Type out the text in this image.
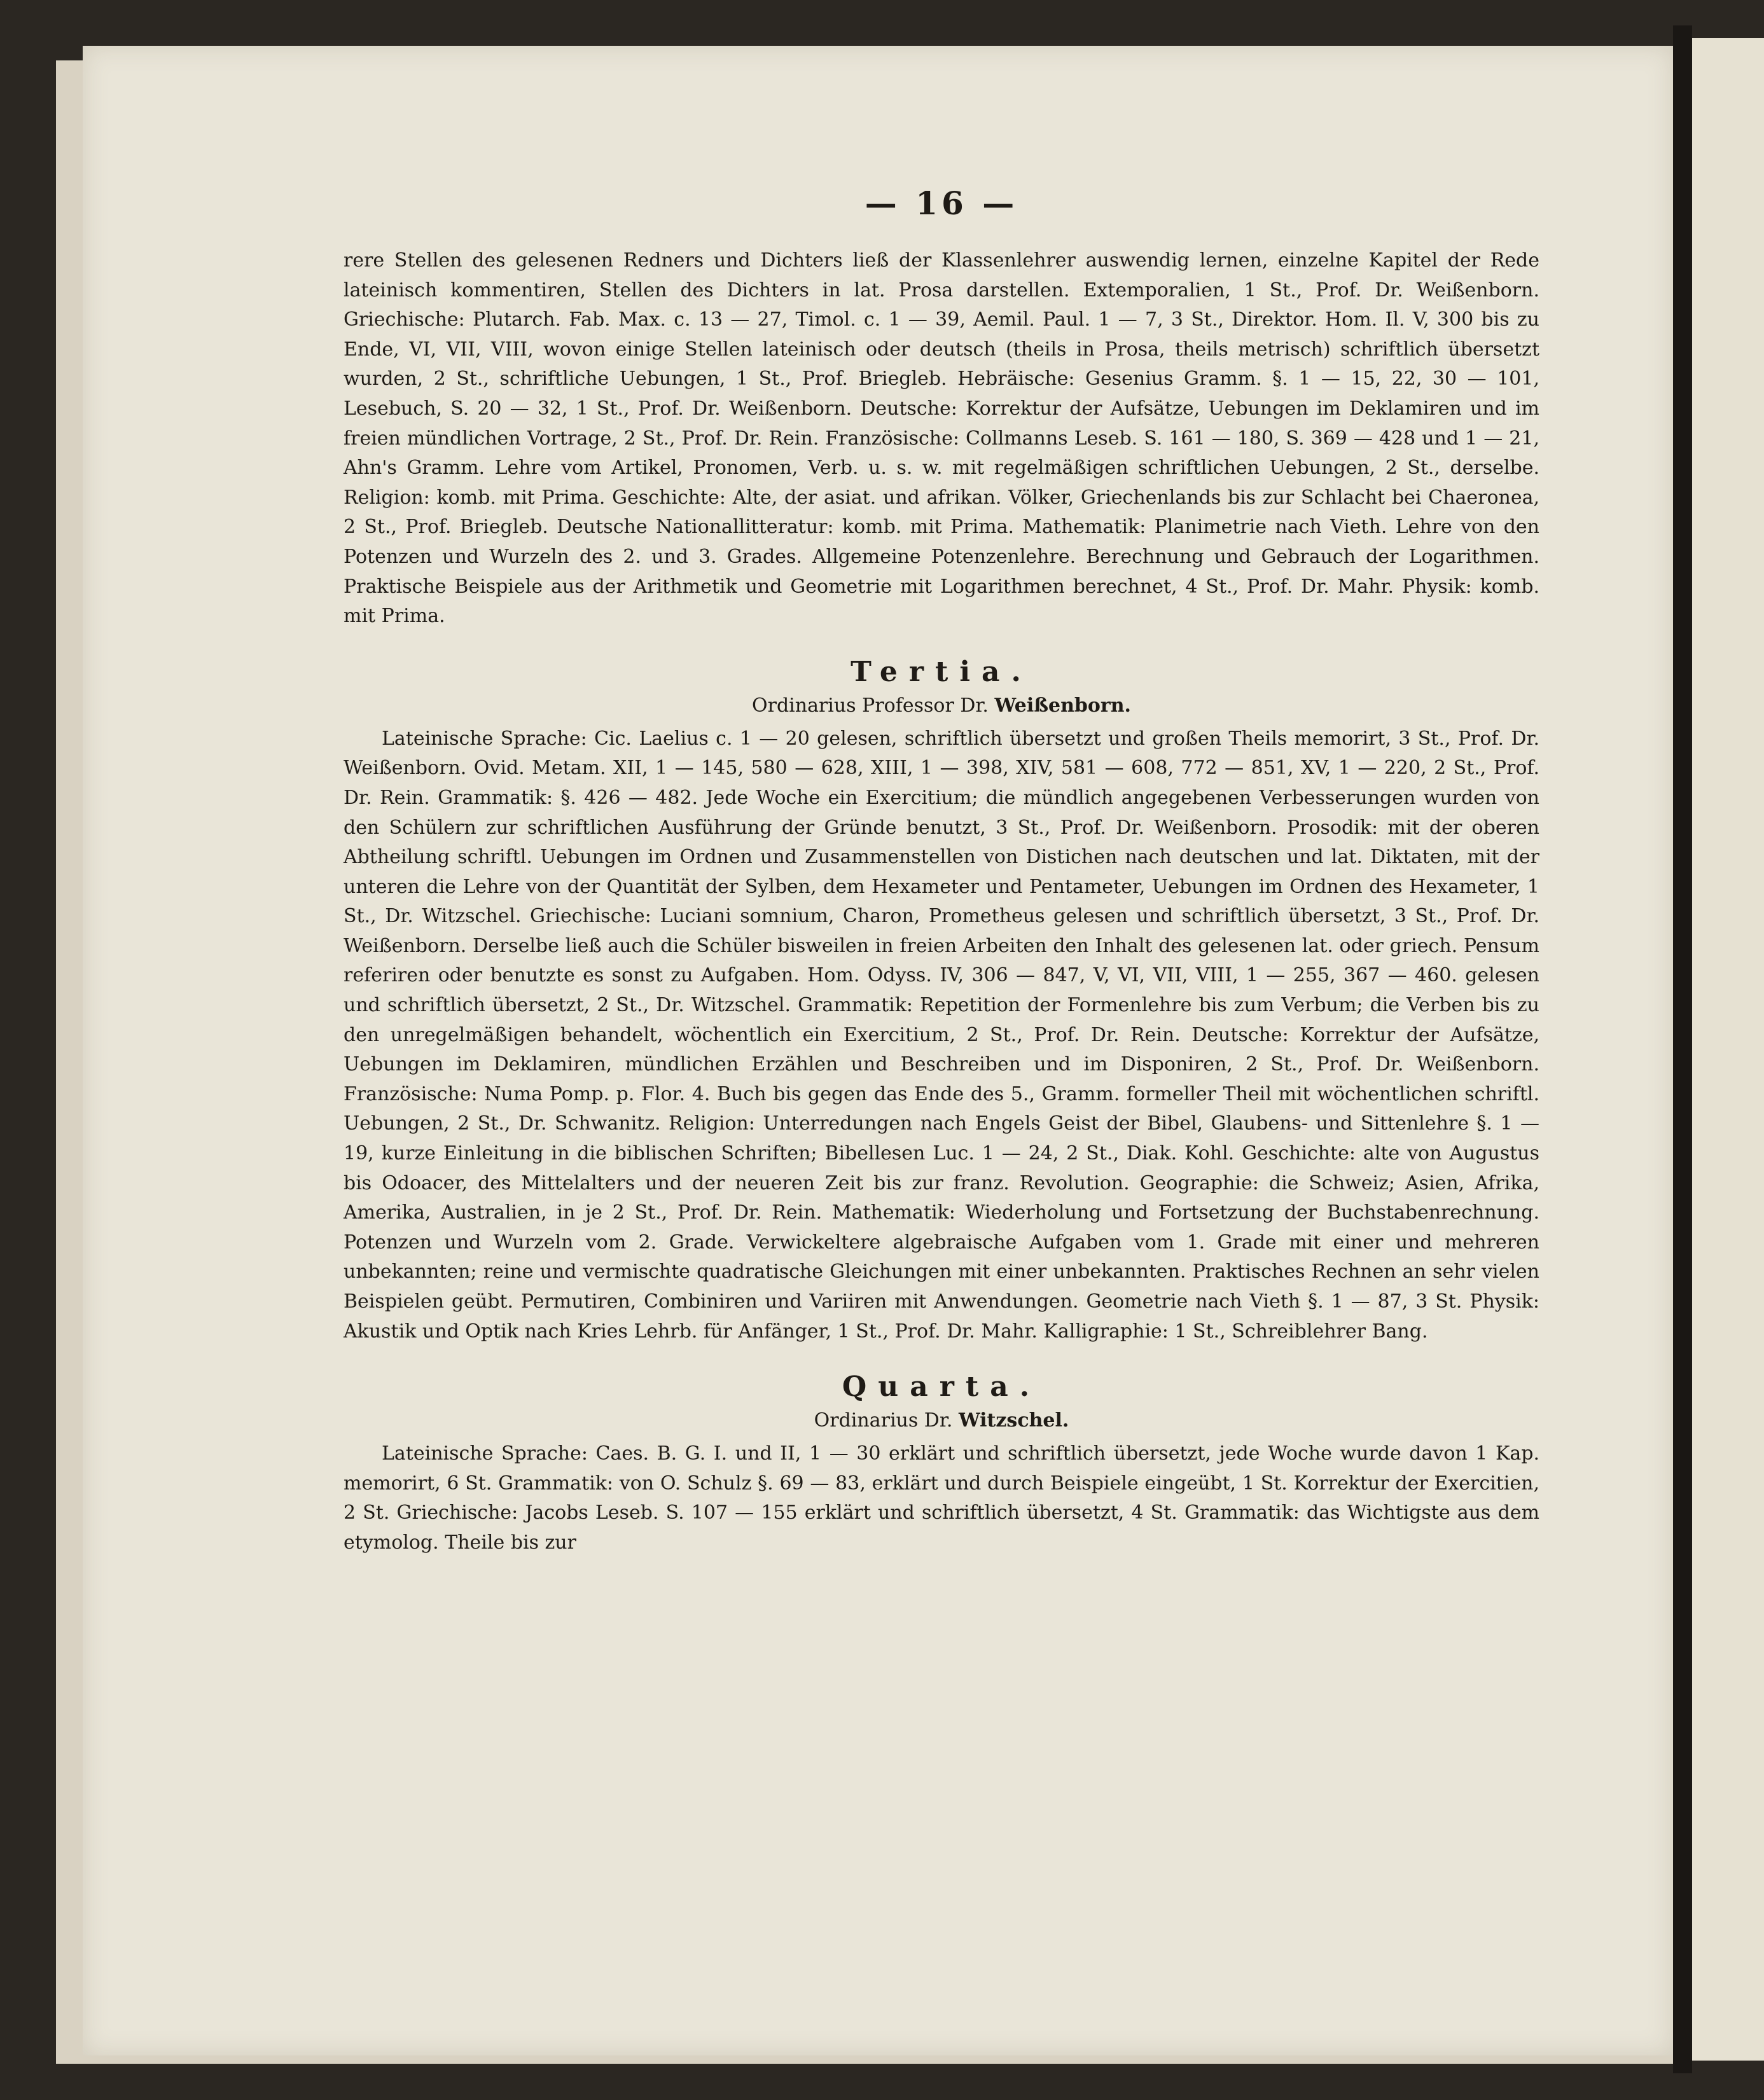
— 16 —

rere Stellen des gelesenen Redners und Dichters ließ der Klassenlehrer auswendig lernen, einzelne Kapitel der Rede lateinisch kommentiren, Stellen des Dichters in lat. Prosa darstellen. Extemporalien, 1 St., Prof. Dr. Weißenborn. Griechische: Plutarch. Fab. Max. c. 13 — 27, Timol. c. 1 — 39, Aemil. Paul. 1 — 7, 3 St., Direktor. Hom. Il. V, 300 bis zu Ende, VI, VII, VIII, wovon einige Stellen lateinisch oder deutsch (theils in Prosa, theils metrisch) schriftlich übersetzt wurden, 2 St., schriftliche Uebungen, 1 St., Prof. Briegleb. Hebräische: Gesenius Gramm. §. 1 — 15, 22, 30 — 101, Lesebuch, S. 20 — 32, 1 St., Prof. Dr. Weißenborn. Deutsche: Korrektur der Aufsätze, Uebungen im Deklamiren und im freien mündlichen Vortrage, 2 St., Prof. Dr. Rein. Französische: Collmanns Leseb. S. 161 — 180, S. 369 — 428 und 1 — 21, Ahn's Gramm. Lehre vom Artikel, Pronomen, Verb. u. s. w. mit regelmäßigen schriftlichen Uebungen, 2 St., derselbe. Religion: komb. mit Prima. Geschichte: Alte, der asiat. und afrikan. Völker, Griechenlands bis zur Schlacht bei Chaeronea, 2 St., Prof. Briegleb. Deutsche Nationallitteratur: komb. mit Prima. Mathematik: Planimetrie nach Vieth. Lehre von den Potenzen und Wurzeln des 2. und 3. Grades. Allgemeine Potenzenlehre. Berechnung und Gebrauch der Logarithmen. Praktische Beispiele aus der Arithmetik und Geometrie mit Logarithmen berechnet, 4 St., Prof. Dr. Mahr. Physik: komb. mit Prima.

Tertia.
Ordinarius Professor Dr. Weißenborn.

Lateinische Sprache: Cic. Laelius c. 1 — 20 gelesen, schriftlich übersetzt und großen Theils memorirt, 3 St., Prof. Dr. Weißenborn. Ovid. Metam. XII, 1 — 145, 580 — 628, XIII, 1 — 398, XIV, 581 — 608, 772 — 851, XV, 1 — 220, 2 St., Prof. Dr. Rein. Grammatik: §. 426 — 482. Jede Woche ein Exercitium; die mündlich angegebenen Verbesserungen wurden von den Schülern zur schriftlichen Ausführung der Gründe benutzt, 3 St., Prof. Dr. Weißenborn. Prosodik: mit der oberen Abtheilung schriftl. Uebungen im Ordnen und Zusammenstellen von Distichen nach deutschen und lat. Diktaten, mit der unteren die Lehre von der Quantität der Sylben, dem Hexameter und Pentameter, Uebungen im Ordnen des Hexameter, 1 St., Dr. Witzschel. Griechische: Luciani somnium, Charon, Prometheus gelesen und schriftlich übersetzt, 3 St., Prof. Dr. Weißenborn. Derselbe ließ auch die Schüler bisweilen in freien Arbeiten den Inhalt des gelesenen lat. oder griech. Pensum referiren oder benutzte es sonst zu Aufgaben. Hom. Odyss. IV, 306 — 847, V, VI, VII, VIII, 1 — 255, 367 — 460. gelesen und schriftlich übersetzt, 2 St., Dr. Witzschel. Grammatik: Repetition der Formenlehre bis zum Verbum; die Verben bis zu den unregelmäßigen behandelt, wöchentlich ein Exercitium, 2 St., Prof. Dr. Rein. Deutsche: Korrektur der Aufsätze, Uebungen im Deklamiren, mündlichen Erzählen und Beschreiben und im Disponiren, 2 St., Prof. Dr. Weißenborn. Französische: Numa Pomp. p. Flor. 4. Buch bis gegen das Ende des 5., Gramm. formeller Theil mit wöchentlichen schriftl. Uebungen, 2 St., Dr. Schwanitz. Religion: Unterredungen nach Engels Geist der Bibel, Glaubens- und Sittenlehre §. 1 — 19, kurze Einleitung in die biblischen Schriften; Bibellesen Luc. 1 — 24, 2 St., Diak. Kohl. Geschichte: alte von Augustus bis Odoacer, des Mittelalters und der neueren Zeit bis zur franz. Revolution. Geographie: die Schweiz; Asien, Afrika, Amerika, Australien, in je 2 St., Prof. Dr. Rein. Mathematik: Wiederholung und Fortsetzung der Buchstabenrechnung. Potenzen und Wurzeln vom 2. Grade. Verwickeltere algebraische Aufgaben vom 1. Grade mit einer und mehreren unbekannten; reine und vermischte quadratische Gleichungen mit einer unbekannten. Praktisches Rechnen an sehr vielen Beispielen geübt. Permutiren, Combiniren und Variiren mit Anwendungen. Geometrie nach Vieth §. 1 — 87, 3 St. Physik: Akustik und Optik nach Kries Lehrb. für Anfänger, 1 St., Prof. Dr. Mahr. Kalligraphie: 1 St., Schreiblehrer Bang.

Quarta.
Ordinarius Dr. Witzschel.

Lateinische Sprache: Caes. B. G. I. und II, 1 — 30 erklärt und schriftlich übersetzt, jede Woche wurde davon 1 Kap. memorirt, 6 St. Grammatik: von O. Schulz §. 69 — 83, erklärt und durch Beispiele eingeübt, 1 St. Korrektur der Exercitien, 2 St. Griechische: Jacobs Leseb. S. 107 — 155 erklärt und schriftlich übersetzt, 4 St. Grammatik: das Wichtigste aus dem etymolog. Theile bis zur
